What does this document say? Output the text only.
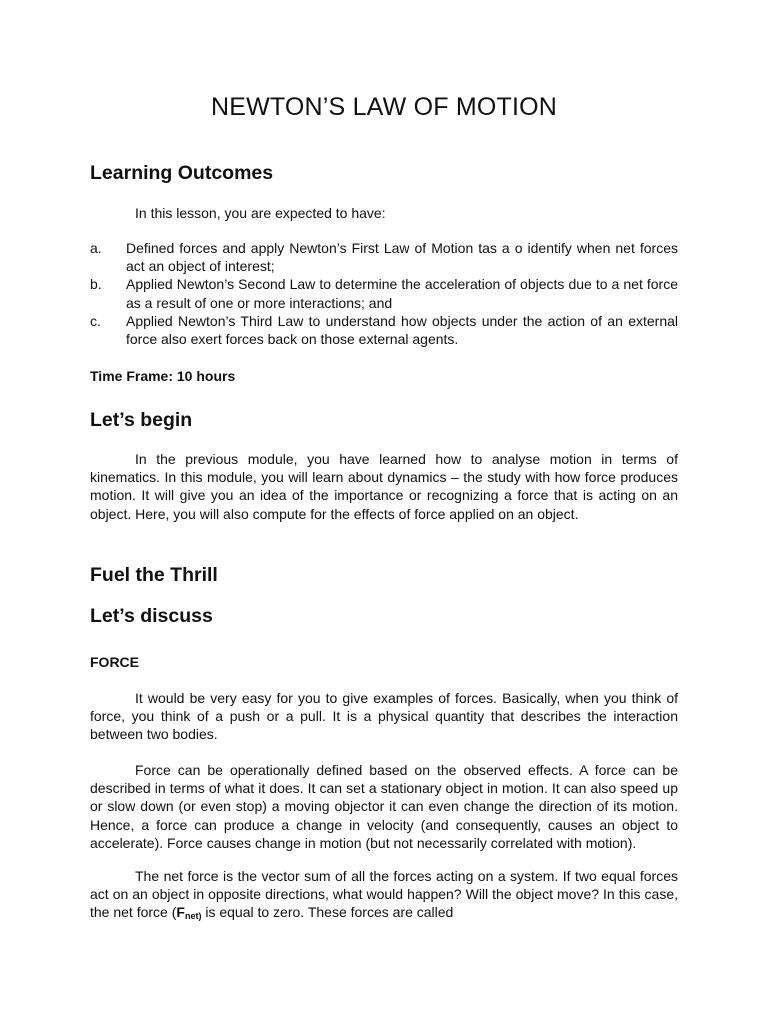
NEWTON’S LAW OF MOTION
Learning Outcomes
In this lesson, you are expected to have:
a. Defined forces and apply Newton’s First Law of Motion tas a o identify when net forces act an object of interest;
b. Applied Newton’s Second Law to determine the acceleration of objects due to a net force as a result of one or more interactions; and
c. Applied Newton’s Third Law to understand how objects under the action of an external force also exert forces back on those external agents.
Time Frame: 10 hours
Let’s begin
In the previous module, you have learned how to analyse motion in terms of kinematics. In this module, you will learn about dynamics – the study with how force produces motion. It will give you an idea of the importance or recognizing a force that is acting on an object. Here, you will also compute for the effects of force applied on an object.
Fuel the Thrill
Let’s discuss
FORCE
It would be very easy for you to give examples of forces. Basically, when you think of force, you think of a push or a pull. It is a physical quantity that describes the interaction between two bodies.
Force can be operationally defined based on the observed effects. A force can be described in terms of what it does. It can set a stationary object in motion. It can also speed up or slow down (or even stop) a moving objector it can even change the direction of its motion. Hence, a force can produce a change in velocity (and consequently, causes an object to accelerate). Force causes change in motion (but not necessarily correlated with motion).
The net force is the vector sum of all the forces acting on a system. If two equal forces act on an object in opposite directions, what would happen? Will the object move? In this case, the net force ($F_{net)}$ is equal to zero. These forces are called
